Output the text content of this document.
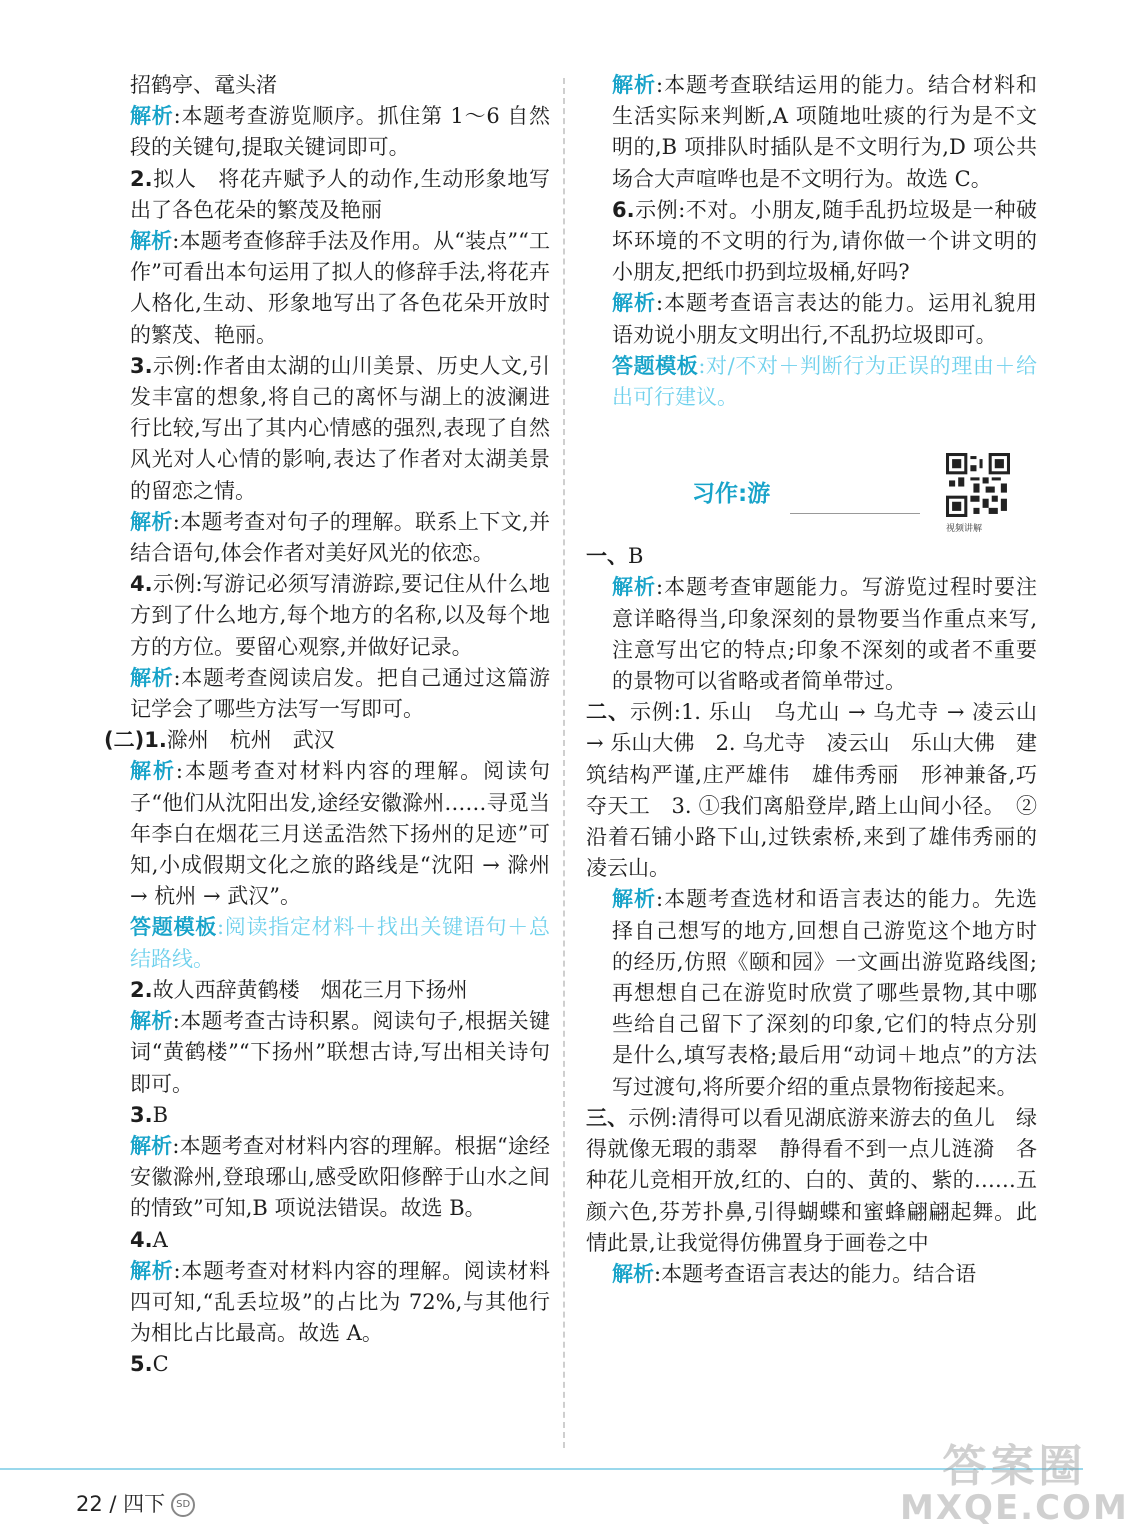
招鹤亭、鼋头渚

解析:本题考查游览顺序。抓住第 1～6 自然段的关键句,提取关键词即可。

2.拟人　将花卉赋予人的动作,生动形象地写出了各色花朵的繁茂及艳丽

解析:本题考查修辞手法及作用。从“装点”“工作”可看出本句运用了拟人的修辞手法,将花卉人格化,生动、形象地写出了各色花朵开放时的繁茂、艳丽。

3.示例:作者由太湖的山川美景、历史人文,引发丰富的想象,将自己的离怀与湖上的波澜进行比较,写出了其内心情感的强烈,表现了自然风光对人心情的影响,表达了作者对太湖美景的留恋之情。

解析:本题考查对句子的理解。联系上下文,并结合语句,体会作者对美好风光的依恋。

4.示例:写游记必须写清游踪,要记住从什么地方到了什么地方,每个地方的名称,以及每个地方的方位。要留心观察,并做好记录。

解析:本题考查阅读启发。把自己通过这篇游记学会了哪些方法写一写即可。

(二)1.滁州　杭州　武汉

解析:本题考查对材料内容的理解。阅读句子“他们从沈阳出发,途经安徽滁州……寻觅当年李白在烟花三月送孟浩然下扬州的足迹”可知,小成假期文化之旅的路线是“沈阳 → 滁州 → 杭州 → 武汉”。

答题模板:阅读指定材料＋找出关键语句＋总结路线。

2.故人西辞黄鹤楼　烟花三月下扬州

解析:本题考查古诗积累。阅读句子,根据关键词“黄鹤楼”“下扬州”联想古诗,写出相关诗句即可。

3.B

解析:本题考查对材料内容的理解。根据“途经安徽滁州,登琅琊山,感受欧阳修醉于山水之间的情致”可知,B 项说法错误。故选 B。

4.A

解析:本题考查对材料内容的理解。阅读材料四可知,“乱丢垃圾”的占比为 72%,与其他行为相比占比最高。故选 A。

5.C

解析:本题考查联结运用的能力。结合材料和生活实际来判断,A 项随地吐痰的行为是不文明的,B 项排队时插队是不文明行为,D 项公共场合大声喧哗也是不文明行为。故选 C。

6.示例:不对。小朋友,随手乱扔垃圾是一种破坏环境的不文明的行为,请你做一个讲文明的小朋友,把纸巾扔到垃圾桶,好吗?

解析:本题考查语言表达的能力。运用礼貌用语劝说小朋友文明出行,不乱扔垃圾即可。

答题模板:对/不对＋判断行为正误的理由＋给出可行建议。

习作:游
视频讲解

一、B

解析:本题考查审题能力。写游览过程时要注意详略得当,印象深刻的景物要当作重点来写,注意写出它的特点;印象不深刻的或者不重要的景物可以省略或者简单带过。

二、示例:1. 乐山　乌尤山 → 乌尤寺 → 凌云山 → 乐山大佛　2. 乌尤寺　凌云山　乐山大佛　建筑结构严谨,庄严雄伟　雄伟秀丽　形神兼备,巧夺天工　3. ①我们离船登岸,踏上山间小径。　②沿着石铺小路下山,过铁索桥,来到了雄伟秀丽的凌云山。

解析:本题考查选材和语言表达的能力。先选择自己想写的地方,回想自己游览这个地方时的经历,仿照《颐和园》一文画出游览路线图;再想想自己在游览时欣赏了哪些景物,其中哪些给自己留下了深刻的印象,它们的特点分别是什么,填写表格;最后用“动词＋地点”的方法写过渡句,将所要介绍的重点景物衔接起来。

三、示例:清得可以看见湖底游来游去的鱼儿　绿得就像无瑕的翡翠　静得看不到一点儿涟漪　各种花儿竞相开放,红的、白的、黄的、紫的……五颜六色,芬芳扑鼻,引得蝴蝶和蜜蜂翩翩起舞。此情此景,让我觉得仿佛置身于画卷之中

解析:本题考查语言表达的能力。结合语

22 / 四下 SD
答案圈
MXQE.COM
